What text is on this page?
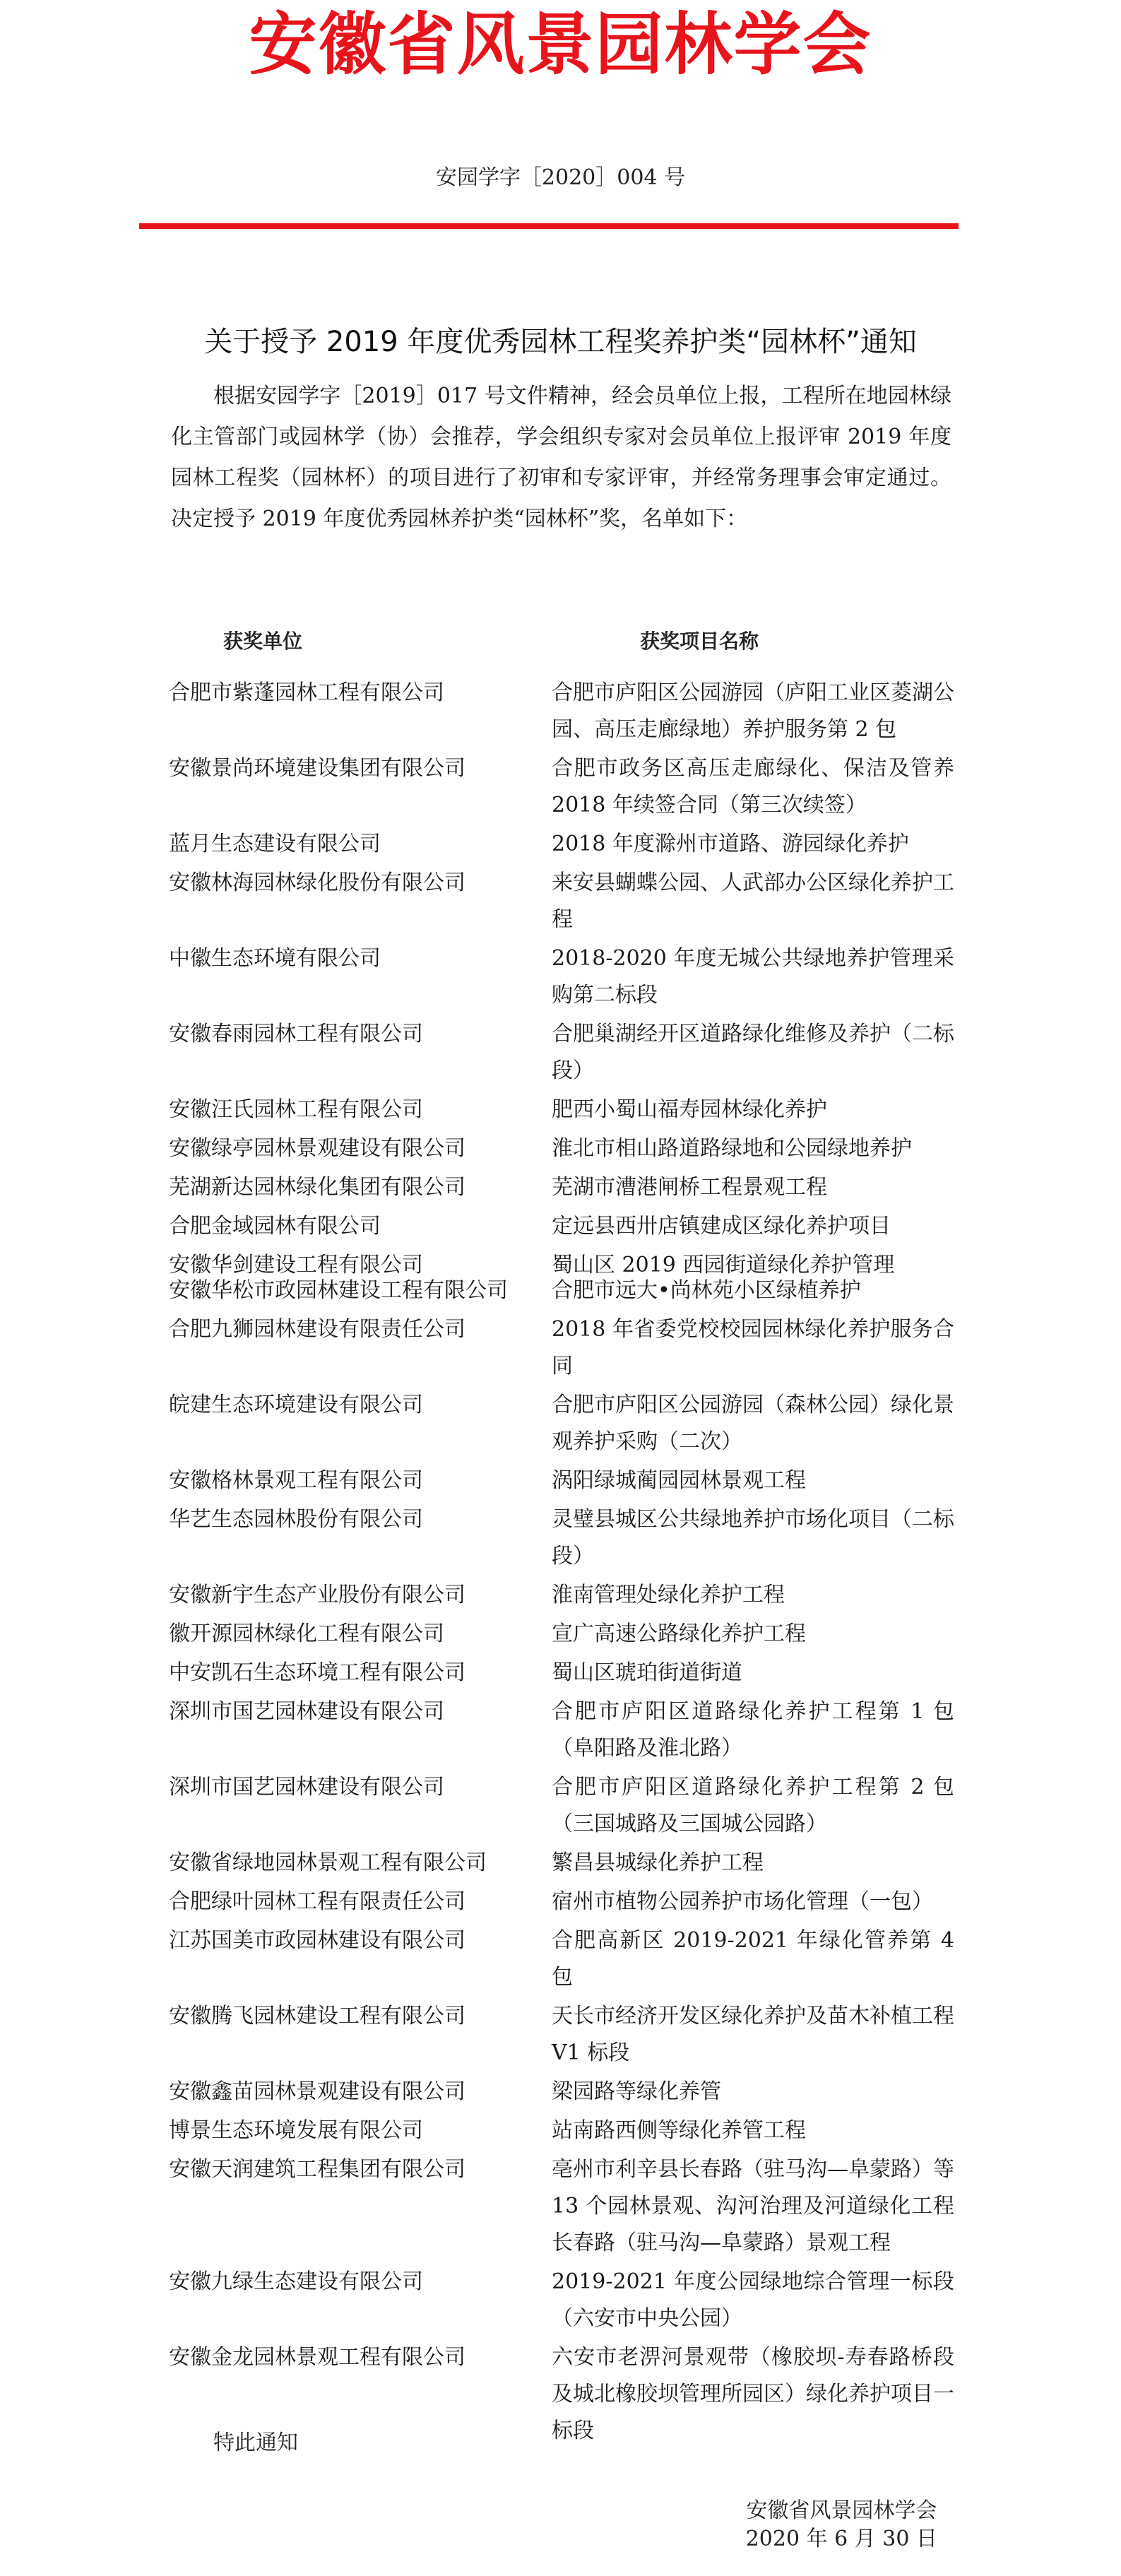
安徽省风景园林学会
安园学字［2020］004 号
关于授予 2019 年度优秀园林工程奖养护类“园林杯”通知

根据安园学字［2019］017 号文件精神，经会员单位上报，工程所在地园林绿化主管部门或园林学（协）会推荐，学会组织专家对会员单位上报评审 2019 年度园林工程奖（园林杯）的项目进行了初审和专家评审，并经常务理事会审定通过。决定授予 2019 年度优秀园林养护类“园林杯”奖，名单如下：

获奖单位	获奖项目名称
合肥市紫蓬园林工程有限公司	合肥市庐阳区公园游园（庐阳工业区菱湖公园、高压走廊绿地）养护服务第 2 包
安徽景尚环境建设集团有限公司	合肥市政务区高压走廊绿化、保洁及管养 2018 年续签合同（第三次续签）
蓝月生态建设有限公司	2018 年度滁州市道路、游园绿化养护
安徽林海园林绿化股份有限公司	来安县蝴蝶公园、人武部办公区绿化养护工程
中徽生态环境有限公司	2018-2020 年度无城公共绿地养护管理采购第二标段
安徽春雨园林工程有限公司	合肥巢湖经开区道路绿化维修及养护（二标段）
安徽汪氏园林工程有限公司	肥西小蜀山福寿园林绿化养护
安徽绿亭园林景观建设有限公司	淮北市相山路道路绿地和公园绿地养护
芜湖新达园林绿化集团有限公司	芜湖市漕港闸桥工程景观工程
合肥金域园林有限公司	定远县西卅店镇建成区绿化养护项目
安徽华剑建设工程有限公司	蜀山区 2019 西园街道绿化养护管理
安徽华松市政园林建设工程有限公司	合肥市远大•尚林苑小区绿植养护
合肥九狮园林建设有限责任公司	2018 年省委党校校园园林绿化养护服务合同
皖建生态环境建设有限公司	合肥市庐阳区公园游园（森林公园）绿化景观养护采购（二次）
安徽格林景观工程有限公司	涡阳绿城蔺园园林景观工程
华艺生态园林股份有限公司	灵璧县城区公共绿地养护市场化项目（二标段）
安徽新宇生态产业股份有限公司	淮南管理处绿化养护工程
徽开源园林绿化工程有限公司	宣广高速公路绿化养护工程
中安凯石生态环境工程有限公司	蜀山区琥珀街道街道
深圳市国艺园林建设有限公司	合肥市庐阳区道路绿化养护工程第 1 包（阜阳路及淮北路）
深圳市国艺园林建设有限公司	合肥市庐阳区道路绿化养护工程第 2 包（三国城路及三国城公园路）
安徽省绿地园林景观工程有限公司	繁昌县城绿化养护工程
合肥绿叶园林工程有限责任公司	宿州市植物公园养护市场化管理（一包）
江苏国美市政园林建设有限公司	合肥高新区 2019-2021 年绿化管养第 4 包
安徽腾飞园林建设工程有限公司	天长市经济开发区绿化养护及苗木补植工程 V1 标段
安徽鑫苗园林景观建设有限公司	梁园路等绿化养管
博景生态环境发展有限公司	站南路西侧等绿化养管工程
安徽天润建筑工程集团有限公司	亳州市利辛县长春路（驻马沟—阜蒙路）等 13 个园林景观、沟河治理及河道绿化工程长春路（驻马沟—阜蒙路）景观工程
安徽九绿生态建设有限公司	2019-2021 年度公园绿地综合管理一标段（六安市中央公园）
安徽金龙园林景观工程有限公司	六安市老淠河景观带（橡胶坝-寿春路桥段及城北橡胶坝管理所园区）绿化养护项目一标段
特此通知
安徽省风景园林学会
2020 年 6 月 30 日
